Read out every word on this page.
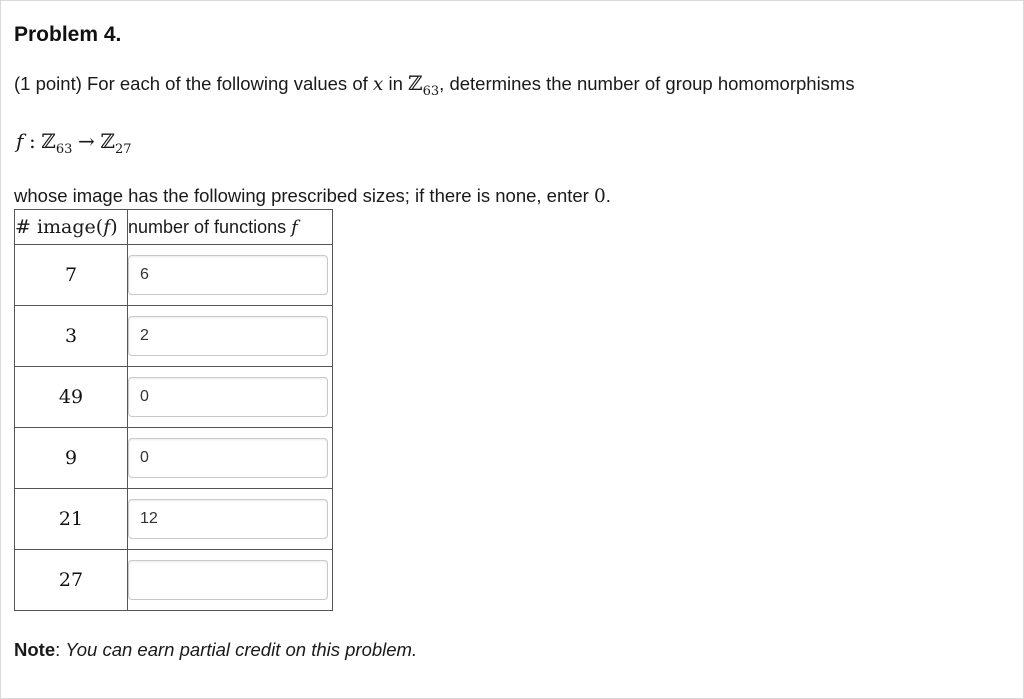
Problem 4.
(1 point) For each of the following values of x in ℤ$_{63}$, determines the number of group homomorphisms
f : ℤ$_{63}$ → ℤ$_{27}$
whose image has the following prescribed sizes; if there is none, enter 0.
# image(f)	number of functions f
7	6

3	2

49	0

9	0

21	12

27	
Note: You can earn partial credit on this problem.
